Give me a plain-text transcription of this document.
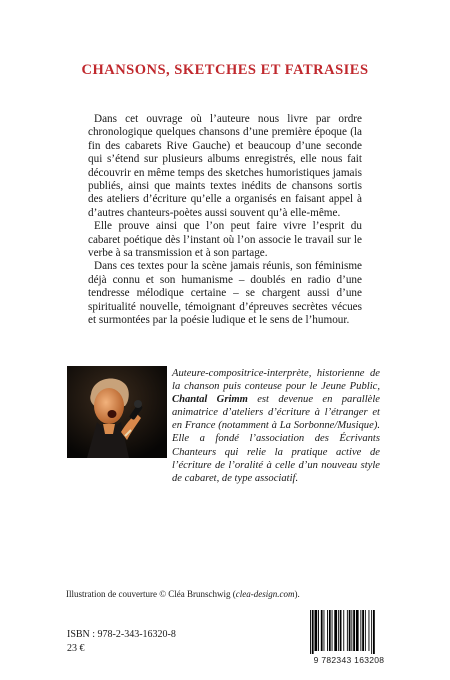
CHANSONS, SKETCHES ET FATRASIES

Dans cet ouvrage où l’auteure nous livre par ordre chronologique quelques chansons d’une première époque (la fin des cabarets Rive Gauche) et beaucoup d’une seconde qui s’étend sur plusieurs albums enregistrés, elle nous fait découvrir en même temps des sketches humoristiques jamais publiés, ainsi que maints textes inédits de chansons sortis des ateliers d’écriture qu’elle a organisés en faisant appel à d’autres chanteurs-poètes aussi souvent qu’à elle-même.

Elle prouve ainsi que l’on peut faire vivre l’esprit du cabaret poétique dès l’instant où l’on associe le travail sur le verbe à sa transmission et à son partage.

Dans ces textes pour la scène jamais réunis, son féminisme déjà connu et son humanisme – doublés en radio d’une tendresse mélodique certaine – se chargent aussi d’une spiritualité nouvelle, témoignant d’épreuves secrètes vécues et surmontées par la poésie ludique et le sens de l’humour.

Auteure-compositrice-interprète, historienne de la chanson puis conteuse pour le Jeune Public, Chantal Grimm est devenue en parallèle animatrice d’ateliers d’écriture à l’étranger et en France (notamment à La Sorbonne/Musique). Elle a fondé l’association des Écrivants Chanteurs qui relie la pratique active de l’écriture de l’oralité à celle d’un nouveau style de cabaret, de type associatif.
Illustration de couverture © Cléa Brunschwig (clea-design.com).
ISBN : 978-2-343-16320-8
23 €
9 782343 163208
